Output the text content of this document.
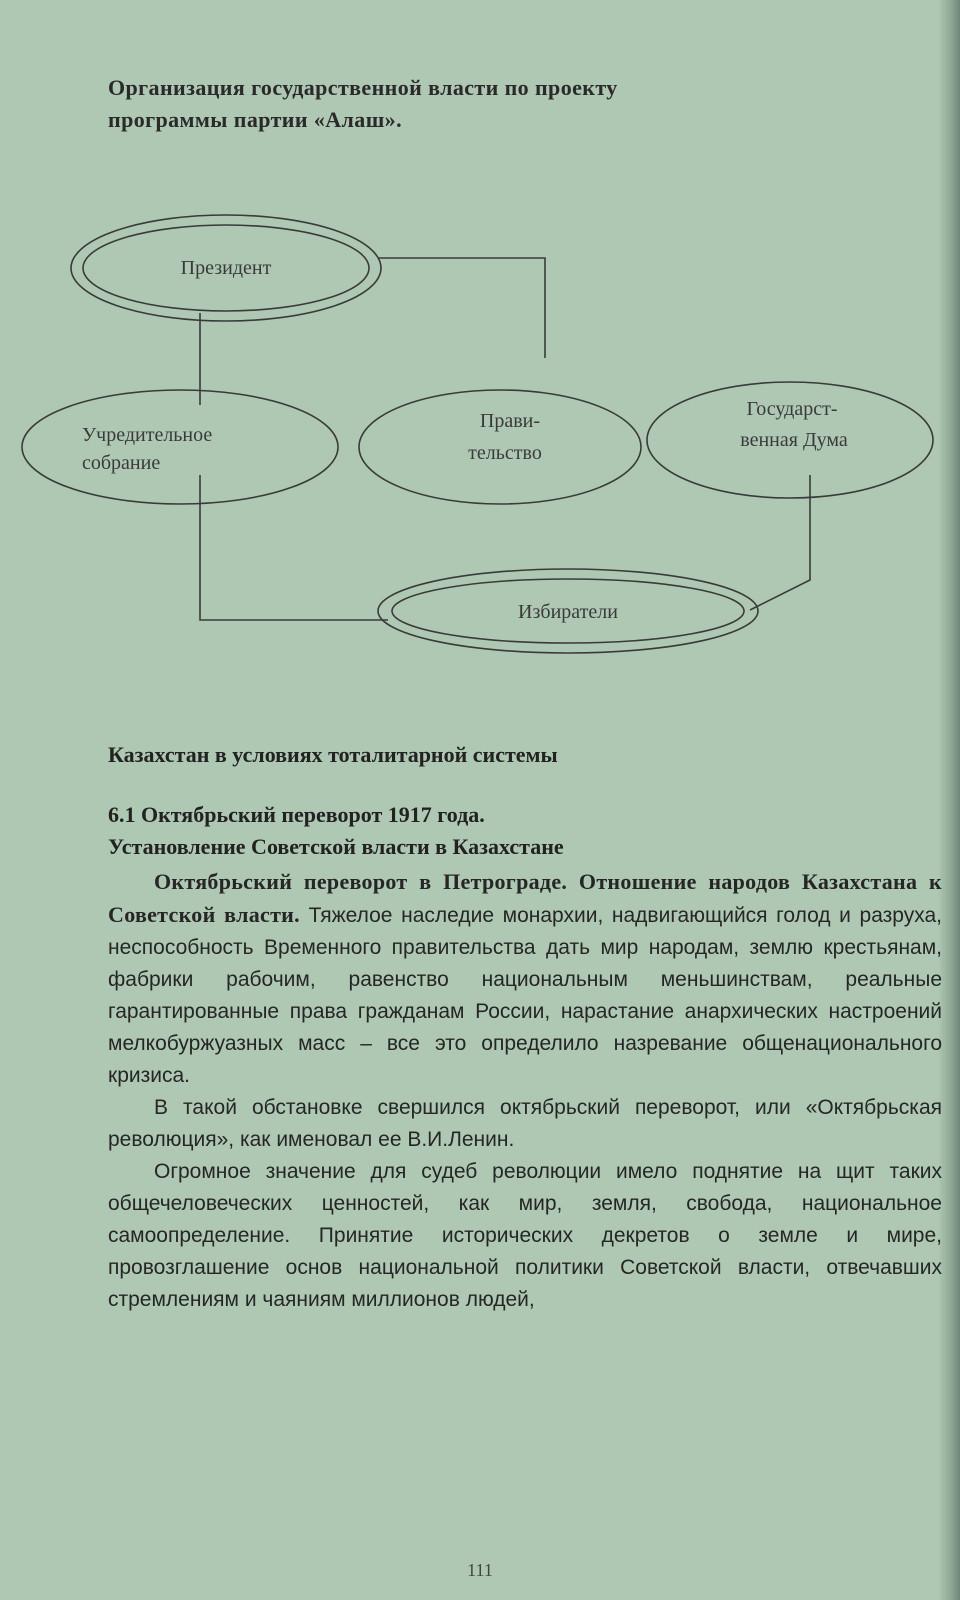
Организация государственной власти по проекту
программы партии «Алаш».
Президент
Учредительное
собрание
Прави-
тельство
Государст-
венная Дума
Избиратели
Казахстан в условиях тоталитарной системы
6.1 Октябрьский переворот 1917 года.
Установление Советской власти в Казахстане

Октябрьский переворот в Петрограде. Отношение народов Казахстана к Советской власти. Тяжелое наследие монархии, надвигающийся голод и разруха, неспособность Временного правительства дать мир народам, землю крестьянам, фабрики рабочим, равенство национальным меньшинствам, реальные гарантированные права гражданам России, нарастание анархических настроений мелкобуржуазных масс – все это определило назревание общенационального кризиса.

В такой обстановке свершился октябрьский переворот, или «Октябрьская революция», как именовал ее В.И.Ленин.

Огромное значение для судеб революции имело поднятие на щит таких общечеловеческих ценностей, как мир, земля, свобода, национальное самоопределение. Принятие исторических декретов о земле и мире, провозглашение основ национальной политики Советской власти, отвечавших стремлениям и чаяниям миллионов людей,

111
